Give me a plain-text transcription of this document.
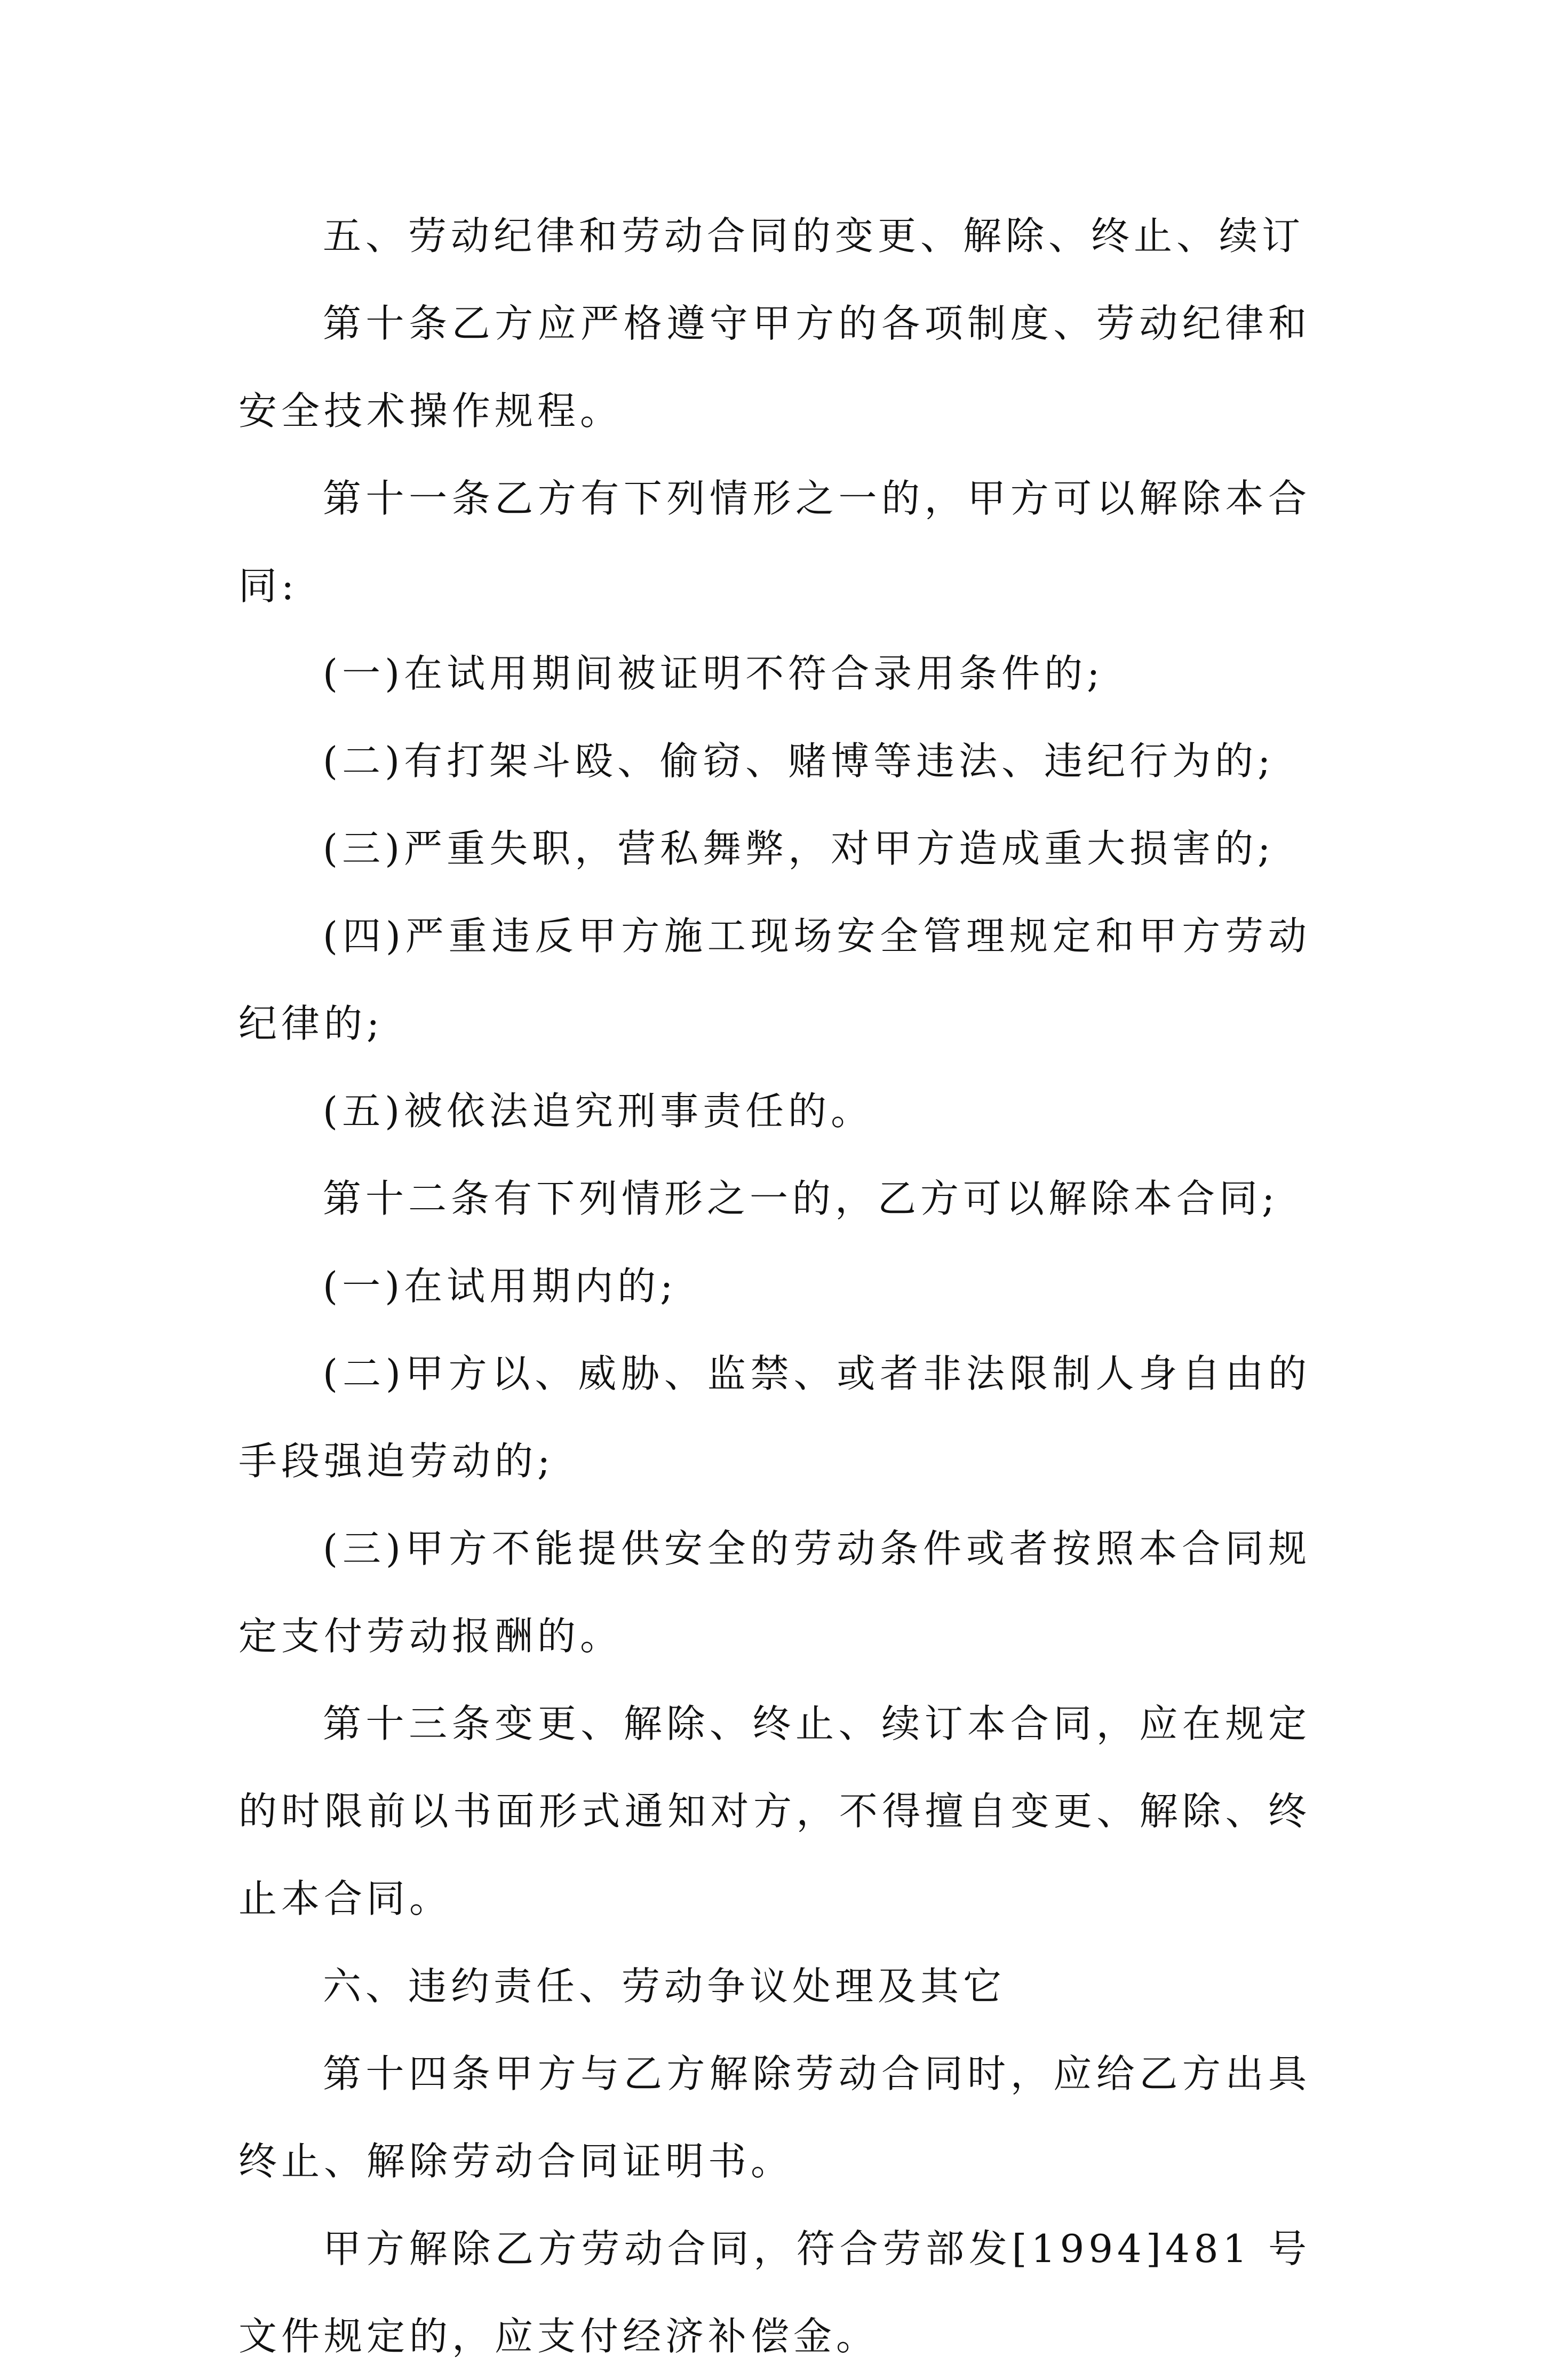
五、劳动纪律和劳动合同的变更、解除、终止、续订

第十条乙方应严格遵守甲方的各项制度、劳动纪律和安全技术操作规程。

第十一条乙方有下列情形之一的，甲方可以解除本合同:

(一)在试用期间被证明不符合录用条件的;

(二)有打架斗殴、偷窃、赌博等违法、违纪行为的;

(三)严重失职，营私舞弊，对甲方造成重大损害的;

(四)严重违反甲方施工现场安全管理规定和甲方劳动纪律的;

(五)被依法追究刑事责任的。

第十二条有下列情形之一的，乙方可以解除本合同;

(一)在试用期内的;

(二)甲方以、威胁、监禁、或者非法限制人身自由的手段强迫劳动的;

(三)甲方不能提供安全的劳动条件或者按照本合同规定支付劳动报酬的。

第十三条变更、解除、终止、续订本合同，应在规定的时限前以书面形式通知对方，不得擅自变更、解除、终止本合同。

六、违约责任、劳动争议处理及其它

第十四条甲方与乙方解除劳动合同时，应给乙方出具终止、解除劳动合同证明书。

甲方解除乙方劳动合同，符合劳部发[1994]481 号文件规定的，应支付经济补偿金。
